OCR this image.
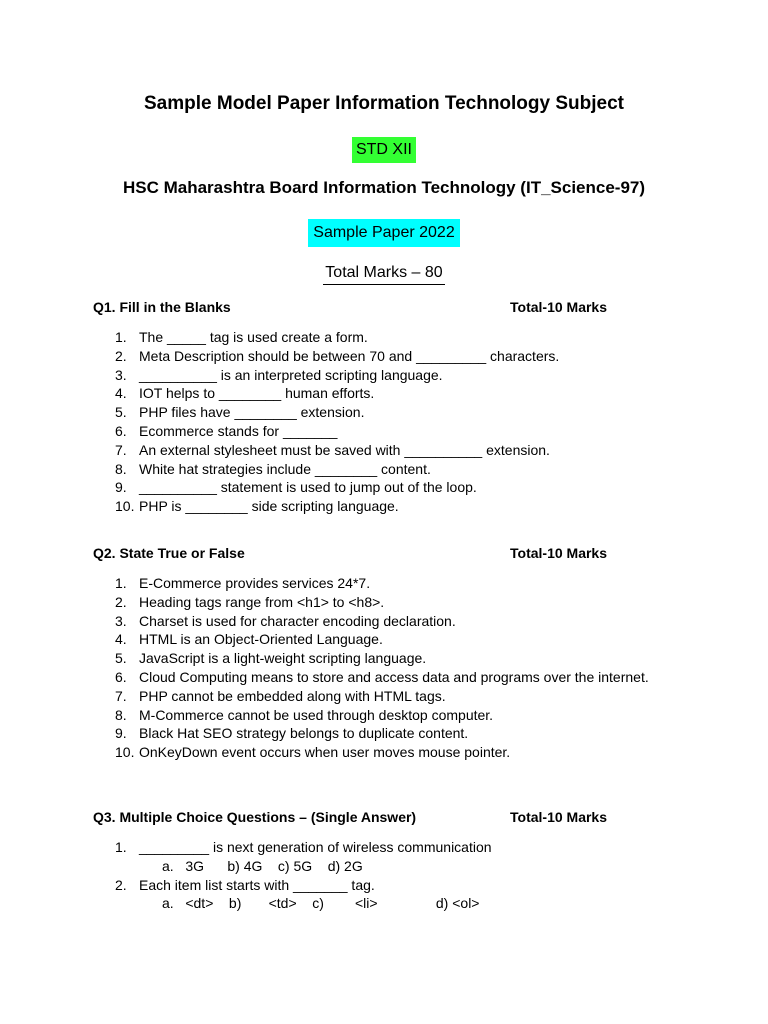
Sample Model Paper Information Technology Subject
STD XII
HSC Maharashtra Board Information Technology (IT_Science-97)
Sample Paper 2022
Total Marks – 80
Q1. Fill in the Blanks	Total-10 Marks
1. The _____ tag is used create a form.
2. Meta Description should be between 70 and _________ characters.
3. __________ is an interpreted scripting language.
4. IOT helps to ________ human efforts.
5. PHP files have ________ extension.
6. Ecommerce stands for _______
7. An external stylesheet must be saved with __________ extension.
8. White hat strategies include ________ content.
9. __________ statement is used to jump out of the loop.
10. PHP is ________ side scripting language.
Q2. State True or False	Total-10 Marks
1. E-Commerce provides services 24*7.
2. Heading tags range from <h1> to <h8>.
3. Charset is used for character encoding declaration.
4. HTML is an Object-Oriented Language.
5. JavaScript is a light-weight scripting language.
6. Cloud Computing means to store and access data and programs over the internet.
7. PHP cannot be embedded along with HTML tags.
8. M-Commerce cannot be used through desktop computer.
9. Black Hat SEO strategy belongs to duplicate content.
10. OnKeyDown event occurs when user moves mouse pointer.
Q3. Multiple Choice Questions – (Single Answer)	Total-10 Marks
1. _________ is next generation of wireless communication
a.   3G      b) 4G    c) 5G    d) 2G
2. Each item list starts with _______ tag.
a.   <dt>    b)       <td>    c)        <li>               d) <ol>
